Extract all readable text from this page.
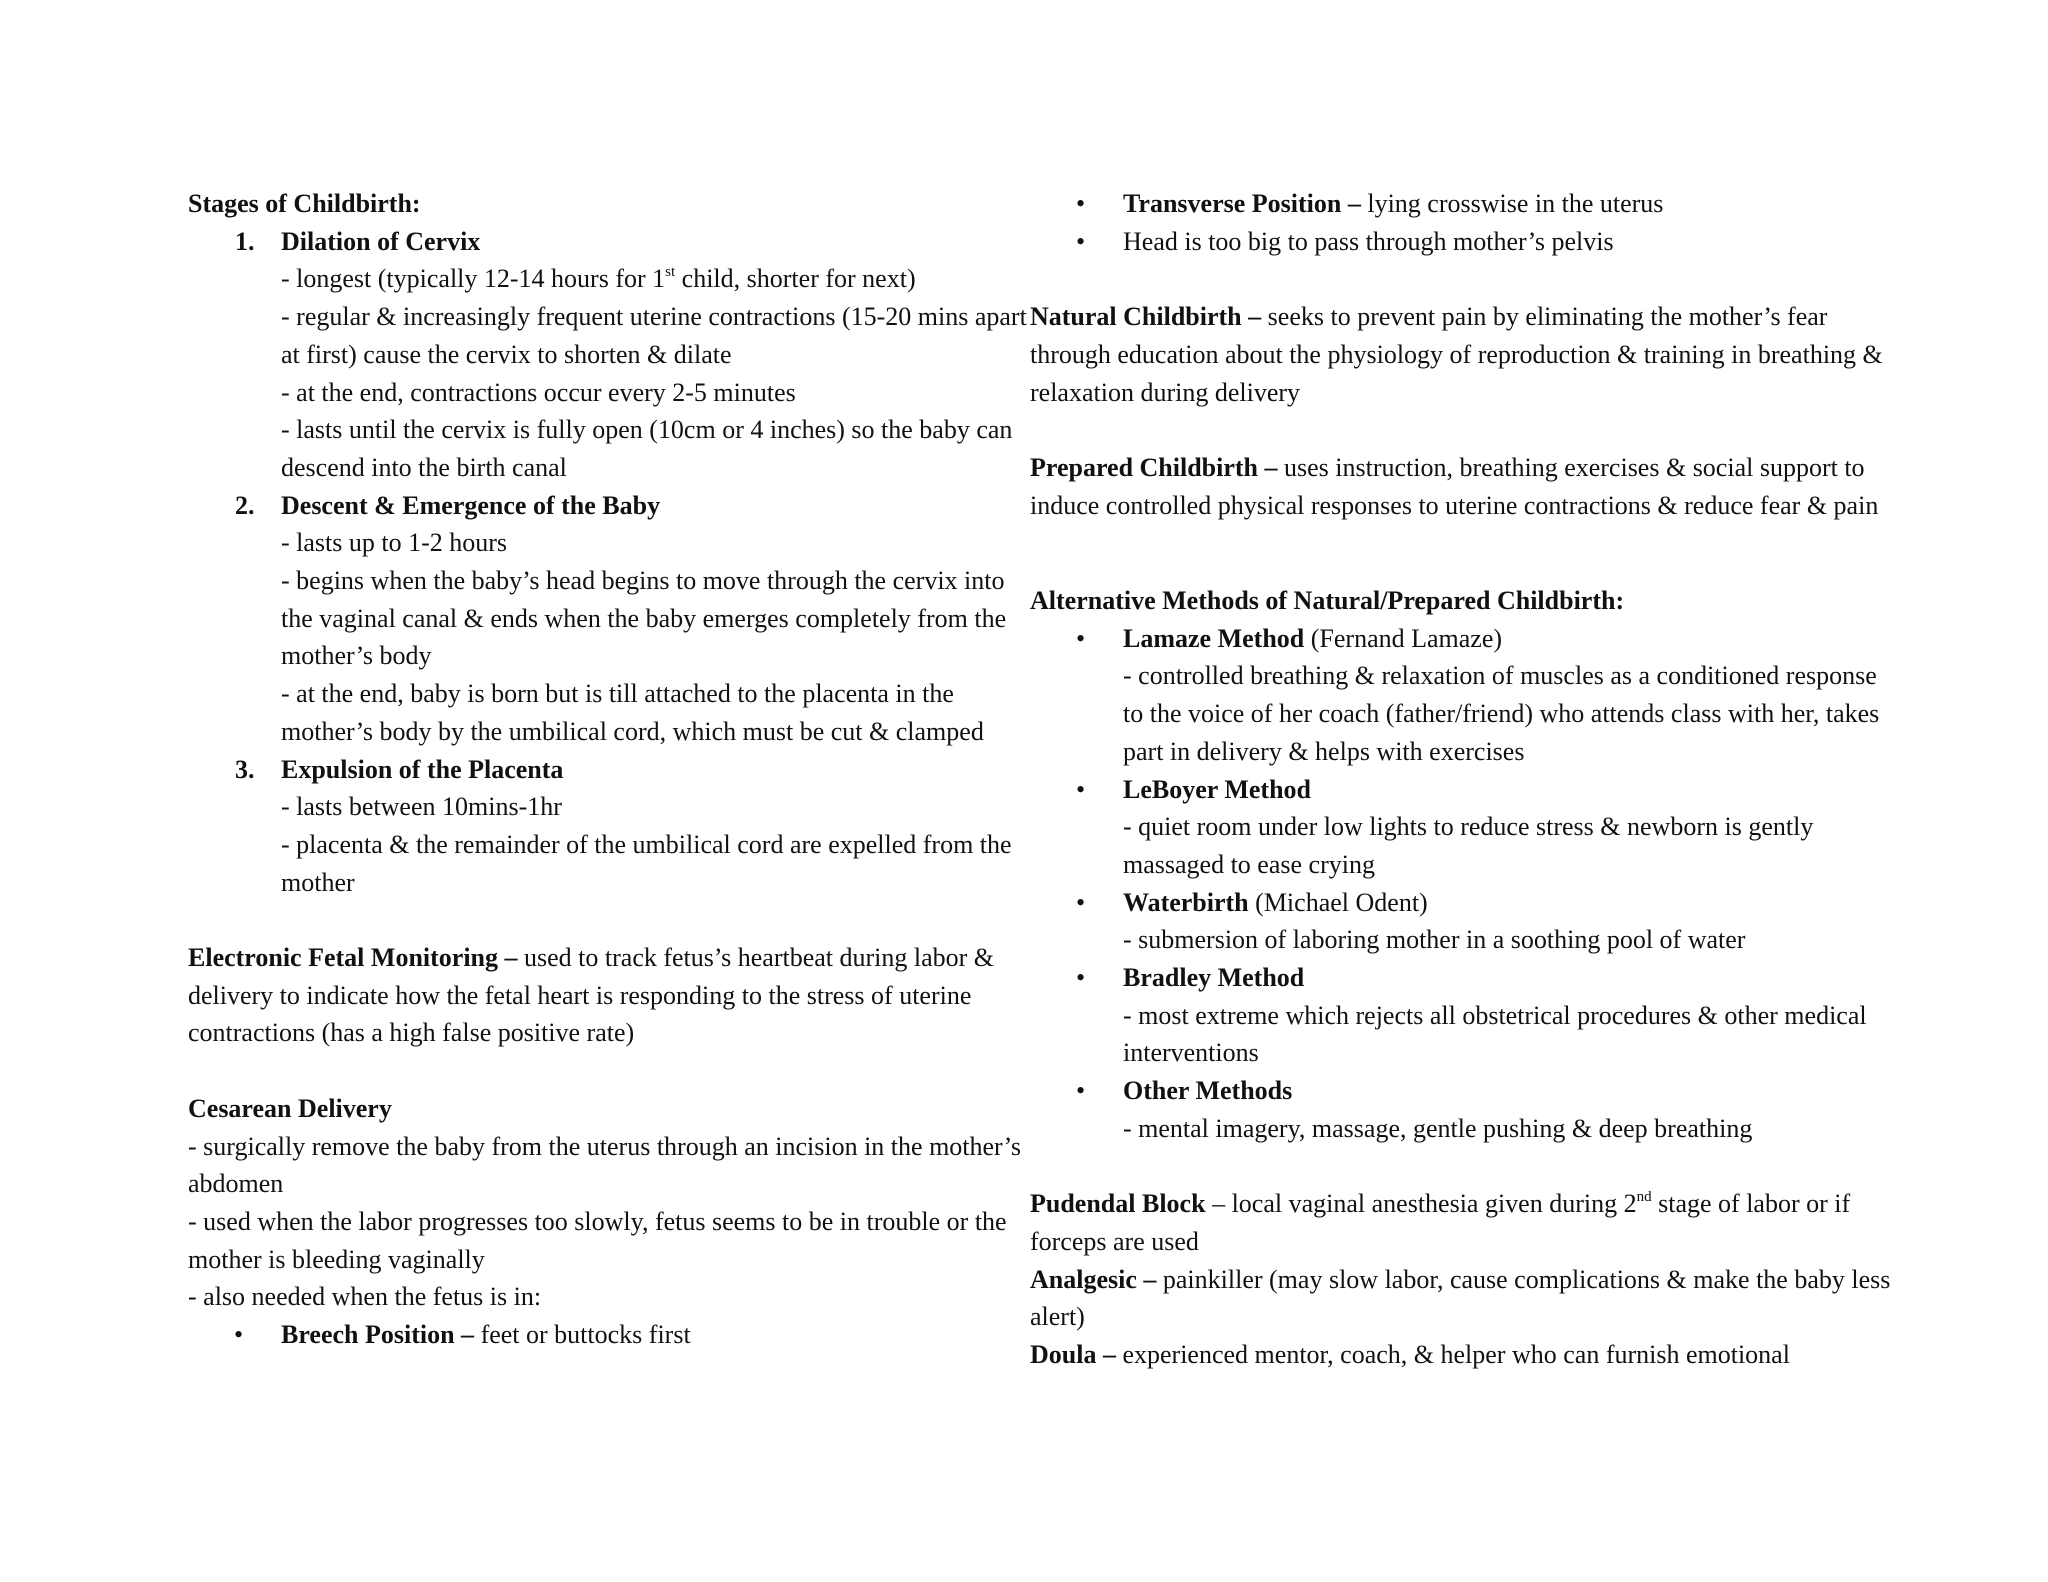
Stages of Childbirth:

1. Dilation of Cervix

- longest (typically 12-14 hours for 1st child, shorter for next)

- regular & increasingly frequent uterine contractions (15-20 mins apart at first) cause the cervix to shorten & dilate

- at the end, contractions occur every 2-5 minutes

- lasts until the cervix is fully open (10cm or 4 inches) so the baby can descend into the birth canal

2. Descent & Emergence of the Baby

- lasts up to 1-2 hours

- begins when the baby’s head begins to move through the cervix into the vaginal canal & ends when the baby emerges completely from the mother’s body

- at the end, baby is born but is till attached to the placenta in the mother’s body by the umbilical cord, which must be cut & clamped

3. Expulsion of the Placenta

- lasts between 10mins-1hr

- placenta & the remainder of the umbilical cord are expelled from the mother

Electronic Fetal Monitoring – used to track fetus’s heartbeat during labor & delivery to indicate how the fetal heart is responding to the stress of uterine contractions (has a high false positive rate)

Cesarean Delivery

- surgically remove the baby from the uterus through an incision in the mother’s abdomen

- used when the labor progresses too slowly, fetus seems to be in trouble or the mother is bleeding vaginally

- also needed when the fetus is in:

• Breech Position – feet or buttocks first

• Transverse Position – lying crosswise in the uterus

• Head is too big to pass through mother’s pelvis

Natural Childbirth – seeks to prevent pain by eliminating the mother’s fear through education about the physiology of reproduction & training in breathing & relaxation during delivery

Prepared Childbirth – uses instruction, breathing exercises & social support to induce controlled physical responses to uterine contractions & reduce fear & pain

Alternative Methods of Natural/Prepared Childbirth:

• Lamaze Method (Fernand Lamaze)

- controlled breathing & relaxation of muscles as a conditioned response to the voice of her coach (father/friend) who attends class with her, takes part in delivery & helps with exercises

• LeBoyer Method

- quiet room under low lights to reduce stress & newborn is gently massaged to ease crying

• Waterbirth (Michael Odent)

- submersion of laboring mother in a soothing pool of water

• Bradley Method

- most extreme which rejects all obstetrical procedures & other medical interventions

• Other Methods

- mental imagery, massage, gentle pushing & deep breathing

Pudendal Block – local vaginal anesthesia given during 2nd stage of labor or if forceps are used

Analgesic – painkiller (may slow labor, cause complications & make the baby less alert)

Doula – experienced mentor, coach, & helper who can furnish emotional
